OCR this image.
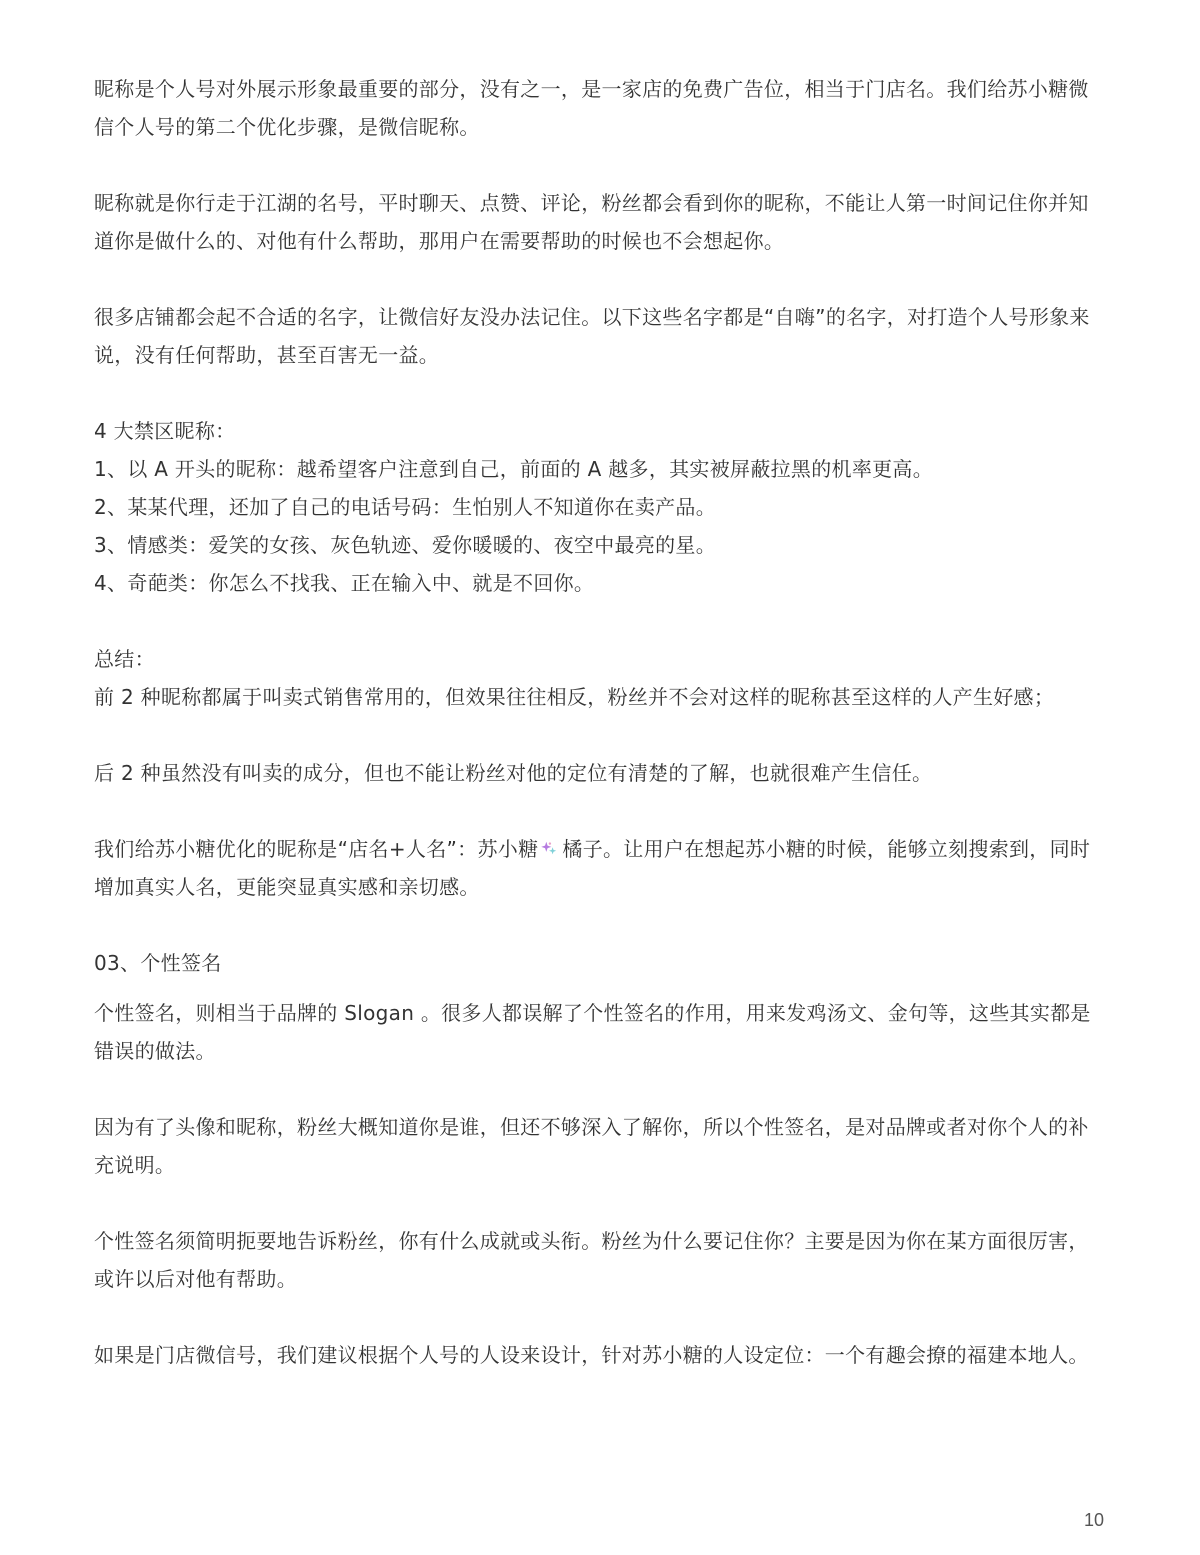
昵称是个人号对外展示形象最重要的部分，没有之一，是一家店的免费广告位，相当于门店名。我们给苏小糖微信个人号的第二个优化步骤，是微信昵称。

昵称就是你行走于江湖的名号，平时聊天、点赞、评论，粉丝都会看到你的昵称，不能让人第一时间记住你并知道你是做什么的、对他有什么帮助，那用户在需要帮助的时候也不会想起你。

很多店铺都会起不合适的名字，让微信好友没办法记住。以下这些名字都是“自嗨”的名字，对打造个人号形象来说，没有任何帮助，甚至百害无一益。

4 大禁区昵称：

1、以 A 开头的昵称：越希望客户注意到自己，前面的 A 越多，其实被屏蔽拉黑的机率更高。

2、某某代理，还加了自己的电话号码：生怕别人不知道你在卖产品。

3、情感类：爱笑的女孩、灰色轨迹、爱你暖暖的、夜空中最亮的星。

4、奇葩类：你怎么不找我、正在输入中、就是不回你。

总结：

前 2 种昵称都属于叫卖式销售常用的，但效果往往相反，粉丝并不会对这样的昵称甚至这样的人产生好感；

后 2 种虽然没有叫卖的成分，但也不能让粉丝对他的定位有清楚的了解，也就很难产生信任。

我们给苏小糖优化的昵称是“店名+人名”：苏小糖 橘子。让用户在想起苏小糖的时候，能够立刻搜索到，同时增加真实人名，更能突显真实感和亲切感。

03、个性签名

个性签名，则相当于品牌的 Slogan 。很多人都误解了个性签名的作用，用来发鸡汤文、金句等，这些其实都是错误的做法。

因为有了头像和昵称，粉丝大概知道你是谁，但还不够深入了解你，所以个性签名，是对品牌或者对你个人的补充说明。

个性签名须简明扼要地告诉粉丝，你有什么成就或头衔。粉丝为什么要记住你？主要是因为你在某方面很厉害，或许以后对他有帮助。

如果是门店微信号，我们建议根据个人号的人设来设计，针对苏小糖的人设定位：一个有趣会撩的福建本地人。

10
